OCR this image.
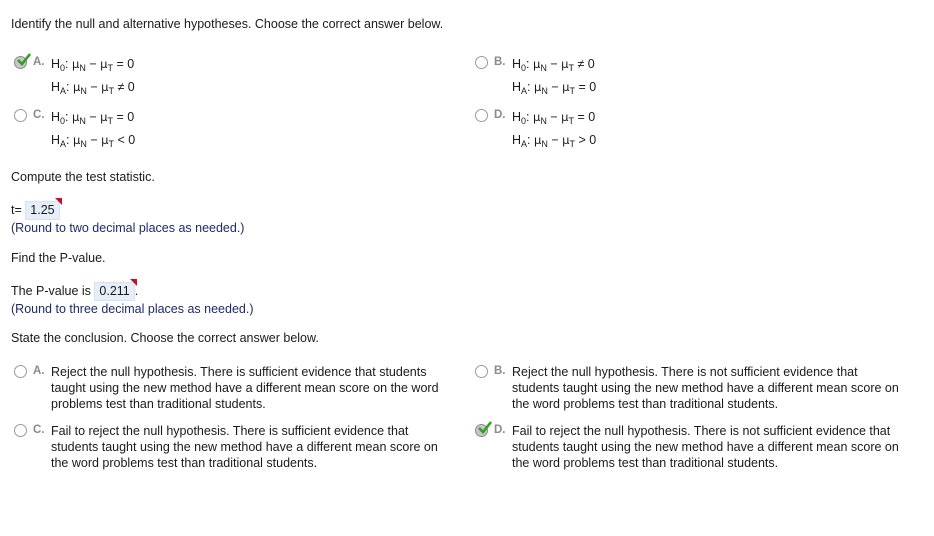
Identify the null and alternative hypotheses. Choose the correct answer below.
A. $H_0$: $\mu_N - \mu_T = 0$
$H_A$: $\mu_N - \mu_T \ne 0$
B. $H_0$: $\mu_N - \mu_T \ne 0$
$H_A$: $\mu_N - \mu_T = 0$
C. $H_0$: $\mu_N - \mu_T = 0$
$H_A$: $\mu_N - \mu_T < 0$
D. $H_0$: $\mu_N - \mu_T = 0$
$H_A$: $\mu_N - \mu_T > 0$
Compute the test statistic.
t= 1.25
(Round to two decimal places as needed.)
Find the P-value.
The P-value is 0.211 .
(Round to three decimal places as needed.)
State the conclusion. Choose the correct answer below.
A. Reject the null hypothesis. There is sufficient evidence that students
taught using the new method have a different mean score on the word
problems test than traditional students.
B. Reject the null hypothesis. There is not sufficient evidence that
students taught using the new method have a different mean score on
the word problems test than traditional students.
C. Fail to reject the null hypothesis. There is sufficient evidence that
students taught using the new method have a different mean score on
the word problems test than traditional students.
D. Fail to reject the null hypothesis. There is not sufficient evidence that
students taught using the new method have a different mean score on
the word problems test than traditional students.
